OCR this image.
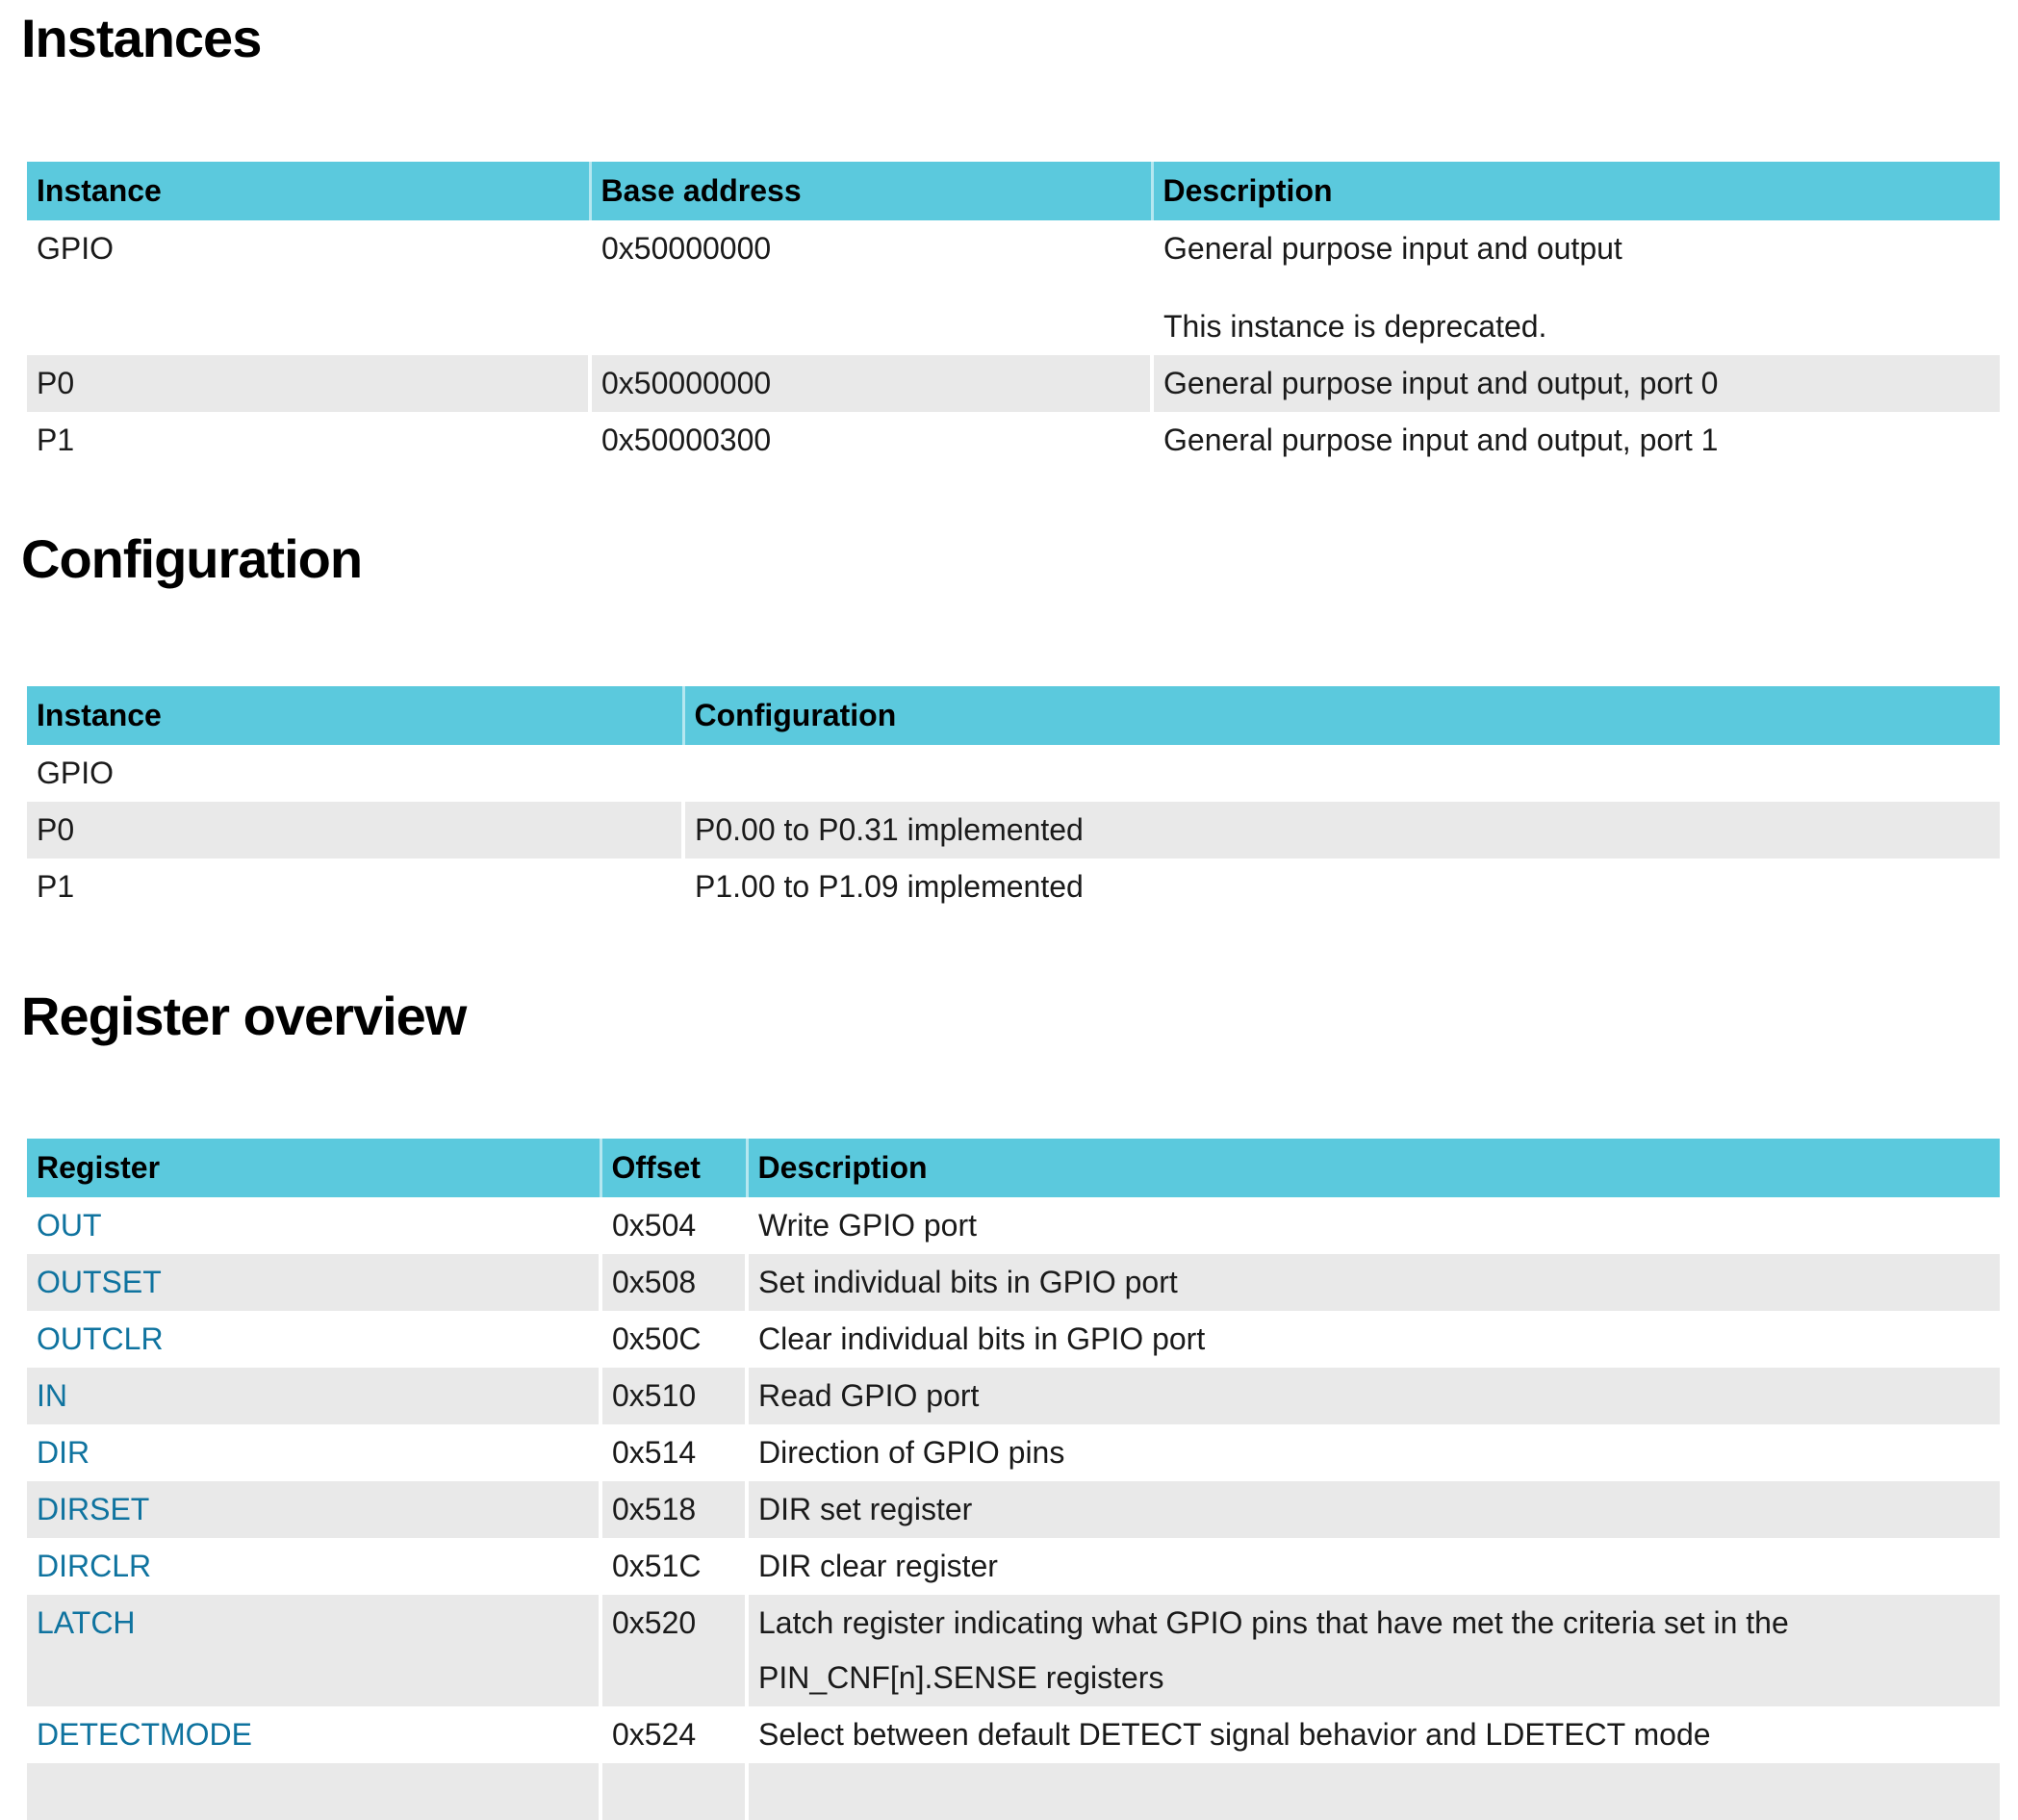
Instances
Instance	Base address	Description
GPIO	0x50000000	General purpose input and output

This instance is deprecated.

P0	0x50000000	General purpose input and output, port 0
P1	0x50000300	General purpose input and output, port 1
Configuration
Instance	Configuration
GPIO	
P0	P0.00 to P0.31 implemented
P1	P1.00 to P1.09 implemented
Register overview
Register	Offset	Description
OUT	0x504	Write GPIO port
OUTSET	0x508	Set individual bits in GPIO port
OUTCLR	0x50C	Clear individual bits in GPIO port
IN	0x510	Read GPIO port
DIR	0x514	Direction of GPIO pins
DIRSET	0x518	DIR set register
DIRCLR	0x51C	DIR clear register
LATCH	0x520	Latch register indicating what GPIO pins that have met the criteria set in the PIN_CNF[n].SENSE registers
DETECTMODE	0x524	Select between default DETECT signal behavior and LDETECT mode
